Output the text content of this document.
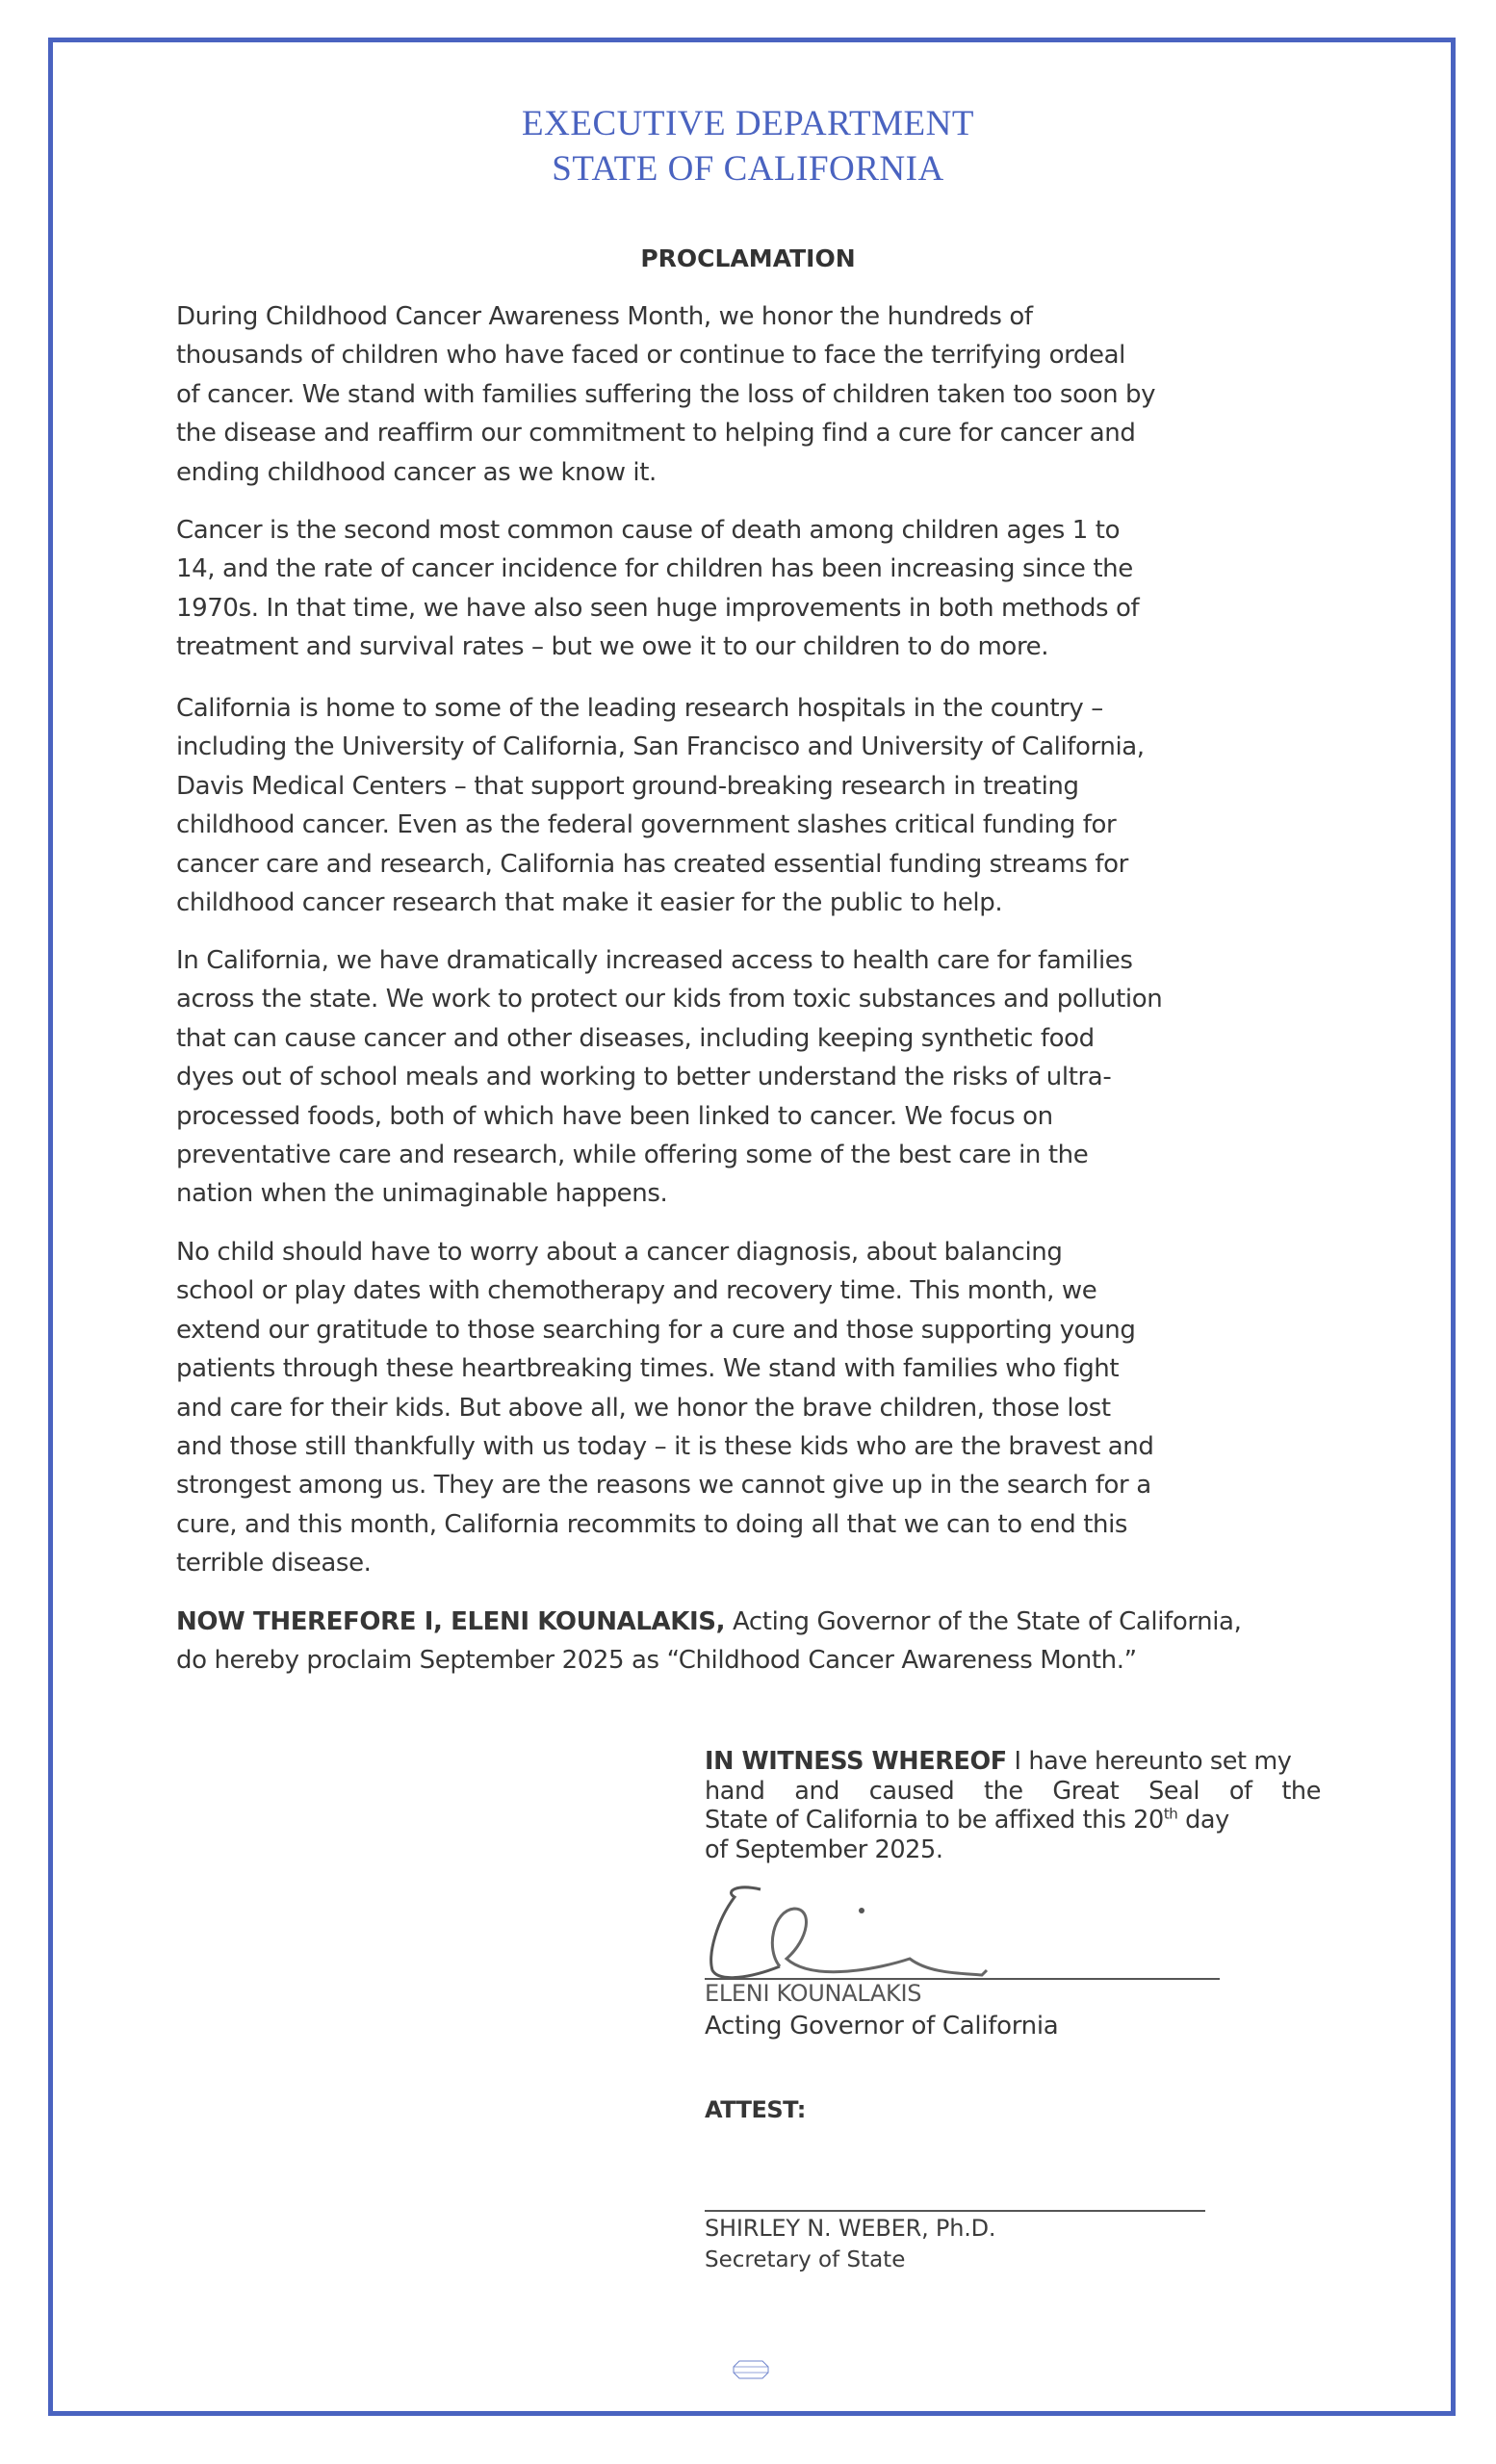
EXECUTIVE DEPARTMENT
STATE OF CALIFORNIA
PROCLAMATION
During Childhood Cancer Awareness Month, we honor the hundreds of
thousands of children who have faced or continue to face the terrifying ordeal
of cancer. We stand with families suffering the loss of children taken too soon by
the disease and reaffirm our commitment to helping find a cure for cancer and
ending childhood cancer as we know it.
Cancer is the second most common cause of death among children ages 1 to
14, and the rate of cancer incidence for children has been increasing since the
1970s. In that time, we have also seen huge improvements in both methods of
treatment and survival rates – but we owe it to our children to do more.
California is home to some of the leading research hospitals in the country –
including the University of California, San Francisco and University of California,
Davis Medical Centers – that support ground-breaking research in treating
childhood cancer. Even as the federal government slashes critical funding for
cancer care and research, California has created essential funding streams for
childhood cancer research that make it easier for the public to help.
In California, we have dramatically increased access to health care for families
across the state. We work to protect our kids from toxic substances and pollution
that can cause cancer and other diseases, including keeping synthetic food
dyes out of school meals and working to better understand the risks of ultra-
processed foods, both of which have been linked to cancer. We focus on
preventative care and research, while offering some of the best care in the
nation when the unimaginable happens.
No child should have to worry about a cancer diagnosis, about balancing
school or play dates with chemotherapy and recovery time. This month, we
extend our gratitude to those searching for a cure and those supporting young
patients through these heartbreaking times. We stand with families who fight
and care for their kids. But above all, we honor the brave children, those lost
and those still thankfully with us today – it is these kids who are the bravest and
strongest among us. They are the reasons we cannot give up in the search for a
cure, and this month, California recommits to doing all that we can to end this
terrible disease.
NOW THEREFORE I, ELENI KOUNALAKIS, Acting Governor of the State of California,
do hereby proclaim September 2025 as “Childhood Cancer Awareness Month.”
IN WITNESS WHEREOF I have hereunto set my
hand and caused the Great Seal of the
State of California to be affixed this 20th day
of September 2025.
ELENI KOUNALAKIS
Acting Governor of California
ATTEST:
SHIRLEY N. WEBER, Ph.D.
Secretary of State
